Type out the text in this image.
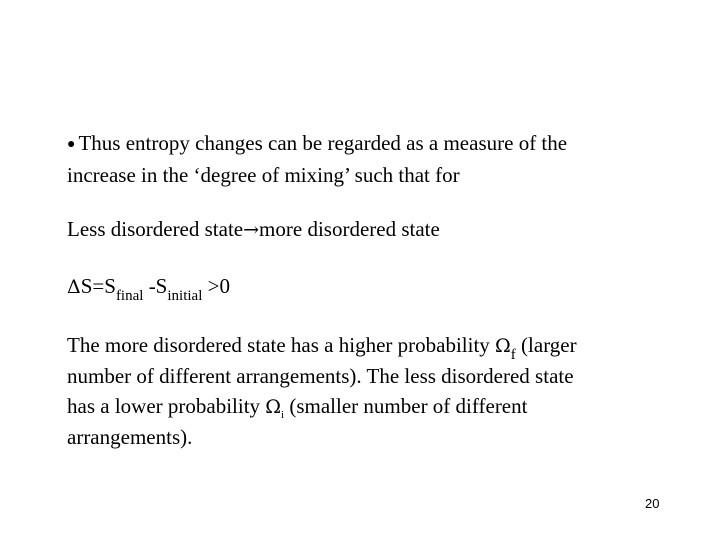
● Thus entropy changes can be regarded as a measure of the
increase in the ‘degree of mixing’ such that for
Less disordered state→more disordered state
$\Delta S=S_{final}$ $-S_{initial} >0$
The more disordered state has a higher probability $\Omega_f$ (larger
number of different arrangements). The less disordered state
has a lower probability $\Omega_i$ (smaller number of different
arrangements).
20
